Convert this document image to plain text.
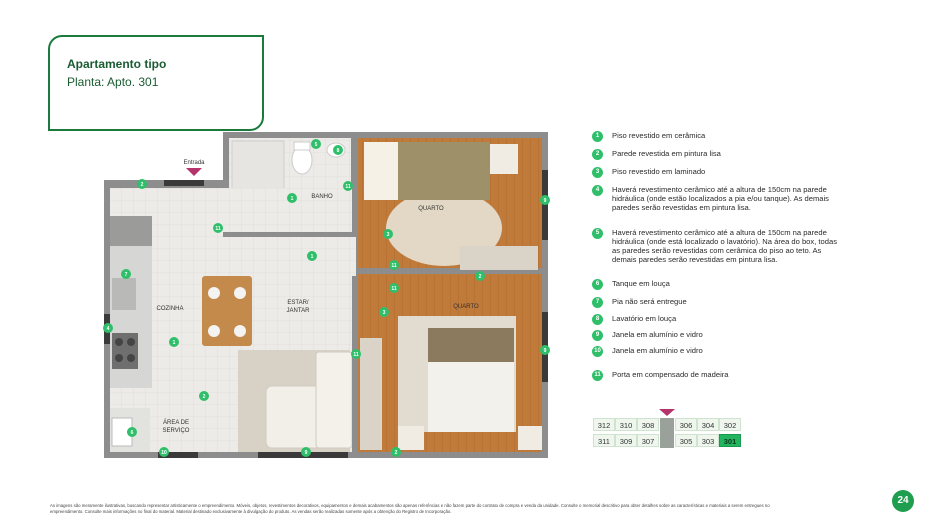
Apartamento tipo
Planta: Apto. 301
Entrada
BANHO
QUARTO
QUARTO
COZINHA
ESTAR/
JANTAR
ÁREA DE
SERVIÇO
1
1
1
2
2
2
2
3
3
4
5
6
7
8
9
9
9
10
11
11
11
11
11
1	Piso revestido em cerâmica
2	Parede revestida em pintura lisa
3	Piso revestido em laminado
4	Haverá revestimento cerâmico até a altura de 150cm na parede hidráulica (onde estão localizados a pia e/ou tanque). As demais paredes serão revestidas em pintura lisa.
5	Haverá revestimento cerâmico até a altura de 150cm na parede hidráulica (onde está localizado o lavatório). Na área do box, todas as paredes serão revestidas com cerâmica do piso ao teto. As demais paredes serão revestidas em pintura lisa.
6	Tanque em louça
7	Pia não será entregue
8	Lavatório em louça
9	Janela em alumínio e vidro
10 Janela em alumínio e vidro
11	Porta em compensado de madeira
312	310	308	306	304	302
311	309	307	305	303	301
As imagens são meramente ilustrativas, buscando representar artisticamente o empreendimento. Móveis, objetos, revestimentos decorativos, equipamentos e demais acabamentos são apenas referências e não fazem parte do contrato de compra e venda da unidade. Consulte o memorial descritivo para obter detalhes sobre as características e materiais a serem entregues no empreendimento. Consulte mais informações no final do material. Material destinado exclusivamente à divulgação do produto. As vendas serão realizadas somente após a obtenção do Registro de Incorporação.
24
